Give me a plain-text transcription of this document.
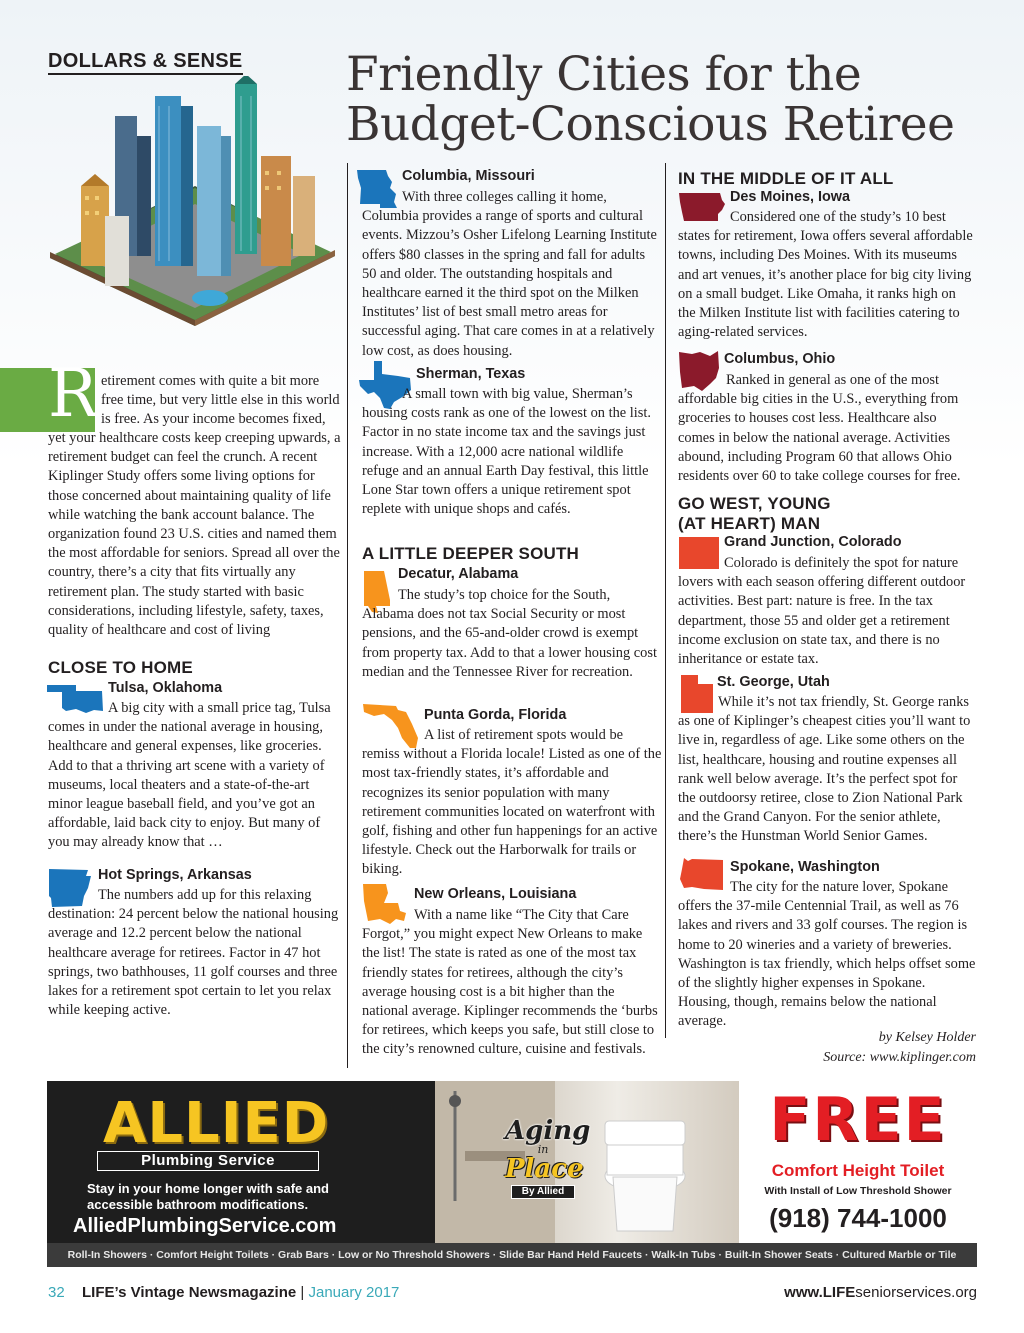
DOLLARS & SENSE Friendly Cities for the
Budget-Conscious Retiree
R etirement comes with quite a bit more
free time, but very little else in this world
is free. As your income becomes fixed,
yet your healthcare costs keep creeping upwards, a retirement budget can feel the crunch. A recent Kiplinger Study offers some living options for those concerned about maintaining quality of life while watching the bank account balance. The organization found 23 U.S. cities and named them the most affordable for seniors. Spread all over the country, there’s a city that fits virtually any retirement plan. The study started with basic considerations, including lifestyle, safety, taxes, quality of healthcare and cost of living
CLOSE TO HOME
Tulsa, Oklahoma
A big city with a small price tag, Tulsa comes in under the national average in housing, healthcare and general expenses, like groceries. Add to that a thriving art scene with a variety of museums, local theaters and a state-of-the-art minor league baseball field, and you’ve got an affordable, laid back city to enjoy. But many of you may already know that …
Hot Springs, Arkansas
The numbers add up for this relaxing destination: 24 percent below the national housing average and 12.2 percent below the national healthcare average for retirees. Factor in 47 hot springs, two bathhouses, 11 golf courses and three lakes for a retirement spot certain to let you relax while keeping active.
Columbia, Missouri
With three colleges calling it home, Columbia provides a range of sports and cultural events. Mizzou’s Osher Lifelong Learning Institute offers $80 classes in the spring and fall for adults 50 and older. The outstanding hospitals and healthcare earned it the third spot on the Milken Institutes’ list of best small metro areas for successful aging. That care comes in at a relatively low cost, as does housing.
Sherman, Texas
A small town with big value, Sherman’s housing costs rank as one of the lowest on the list. Factor in no state income tax and the savings just increase. With a 12,000 acre national wildlife refuge and an annual Earth Day festival, this little Lone Star town offers a unique retirement spot replete with unique shops and cafés.
A LITTLE DEEPER SOUTH
Decatur, Alabama
The study’s top choice for the South, Alabama does not tax Social Security or most pensions, and the 65-and-older crowd is exempt from property tax. Add to that a lower housing cost median and the Tennessee River for recreation.
Punta Gorda, Florida
A list of retirement spots would be remiss without a Florida locale! Listed as one of the most tax-friendly states, it’s affordable and recognizes its senior population with many retirement communities located on waterfront with golf, fishing and other fun happenings for an active lifestyle. Check out the Harborwalk for trails or biking.
New Orleans, Louisiana
With a name like “The City that Care Forgot,” you might expect New Orleans to make the list! The state is rated as one of the most tax friendly states for retirees, although the city’s average housing cost is a bit higher than the national average. Kiplinger recommends the ‘burbs for retirees, which keeps you safe, but still close to the city’s renowned culture, cuisine and festivals.
IN THE MIDDLE OF IT ALL
Des Moines, Iowa
Considered one of the study’s 10 best states for retirement, Iowa offers several affordable towns, including Des Moines. With its museums and art venues, it’s another place for big city living on a small budget. Like Omaha, it ranks high on the Milken Institute list with facilities catering to aging-related services.
Columbus, Ohio
Ranked in general as one of the most affordable big cities in the U.S., everything from groceries to houses cost less. Healthcare also comes in below the national average. Activities abound, including Program 60 that allows Ohio residents over 60 to take college courses for free.
GO WEST, YOUNG
(AT HEART) MAN
Grand Junction, Colorado
Colorado is definitely the spot for nature lovers with each season offering different outdoor activities. Best part: nature is free. In the tax department, those 55 and older get a retirement income exclusion on state tax, and there is no inheritance or estate tax.
St. George, Utah
While it’s not tax friendly, St. George ranks as one of Kiplinger’s cheapest cities you’ll want to live in, regardless of age. Like some others on the list, healthcare, housing and routine expenses all rank well below average. It’s the perfect spot for the outdoorsy retiree, close to Zion National Park and the Grand Canyon. For the senior athlete, there’s the Hunstman World Senior Games.
Spokane, Washington
The city for the nature lover, Spokane offers the 37-mile Centennial Trail, as well as 76 lakes and rivers and 33 golf courses. The region is home to 20 wineries and a variety of breweries. Washington is tax friendly, which helps offset some of the slightly higher expenses in Spokane. Housing, though, remains below the national average.
by Kelsey Holder
Source: www.kiplinger.com
ALLIED
Plumbing Service
Stay in your home longer with safe and
accessible bathroom modifications.
AlliedPlumbingService.com
Aging
in
Place
By Allied
FREE
Comfort Height Toilet
With Install of Low Threshold Shower
(918) 744-1000
Roll-In Showers · Comfort Height Toilets · Grab Bars · Low or No Threshold Showers · Slide Bar Hand Held Faucets · Walk-In Tubs · Built-In Shower Seats · Cultured Marble or Tile
32 LIFE’s Vintage Newsmagazine | January 2017	www.LIFEseniorservices.org
